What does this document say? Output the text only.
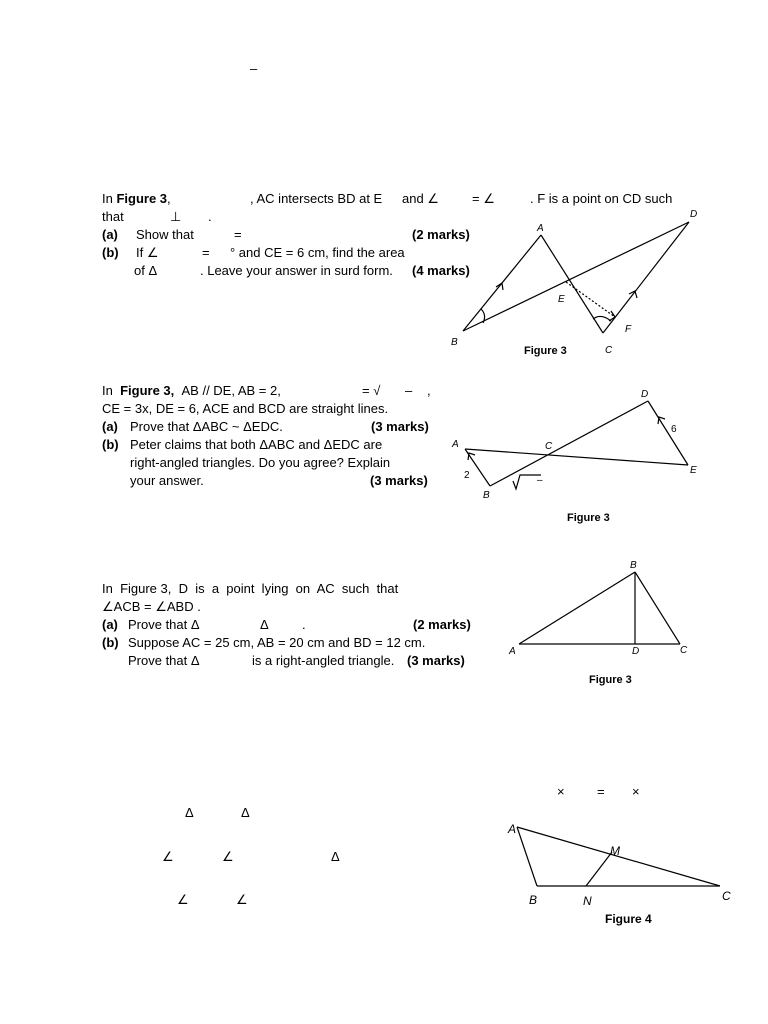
–
In Figure 3,	, AC intersects BD at E and ∠	= ∠	. F is a point on CD such
that	⊥ .
(a) Show that	=	(2 marks)
(b) If ∠	= ° and CE = 6 cm, find the area
of Δ	. Leave your answer in surd form. (4 marks)
A
D
E
B
F
C
Figure 3
In
Figure 3,
AB // DE, AB = 2,	= √ – ,
CE = 3x, DE = 6, ACE and BCD are straight lines.
(a) Prove that ΔABC ~ ΔEDC.	(3 marks)
(b) Peter claims that both ΔABC and ΔEDC are
right-angled triangles. Do you agree? Explain
your answer.	(3 marks)
D
6
A	C
E
2
B
–
Figure 3
In  Figure 3,  D  is  a  point  lying  on  AC  such  that
∠ACB = ∠ABD .
(a) Prove that Δ	Δ	.	(2 marks)
(b) Suppose AC = 25 cm, AB = 20 cm and BD = 12 cm.
Prove that Δ	is a right-angled triangle. (3 marks)
B
A	D	C
Figure 3
× = ×
Δ	Δ
∠	∠	Δ
∠	∠
A
M
B	N	C
Figure 4
